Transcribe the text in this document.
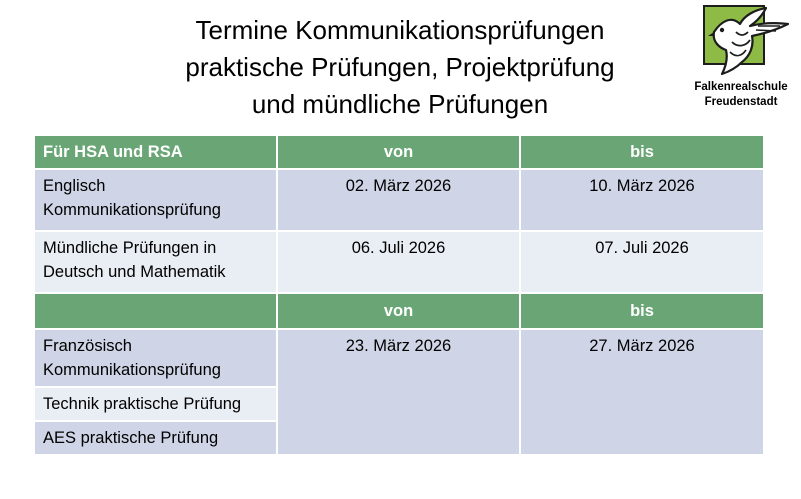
Termine Kommunikationsprüfungen
praktische Prüfungen, Projektprüfung
und mündliche Prüfungen
Falkenrealschule
Freudenstadt
Für HSA und RSA	von	bis
Englisch Kommunikationsprüfung	02. März 2026	10. März 2026
Mündliche Prüfungen in Deutsch und Mathematik	06. Juli 2026	07. Juli 2026
	von	bis
Französisch Kommunikationsprüfung	23. März 2026	27. März 2026
Technik praktische Prüfung		
AES praktische Prüfung		
